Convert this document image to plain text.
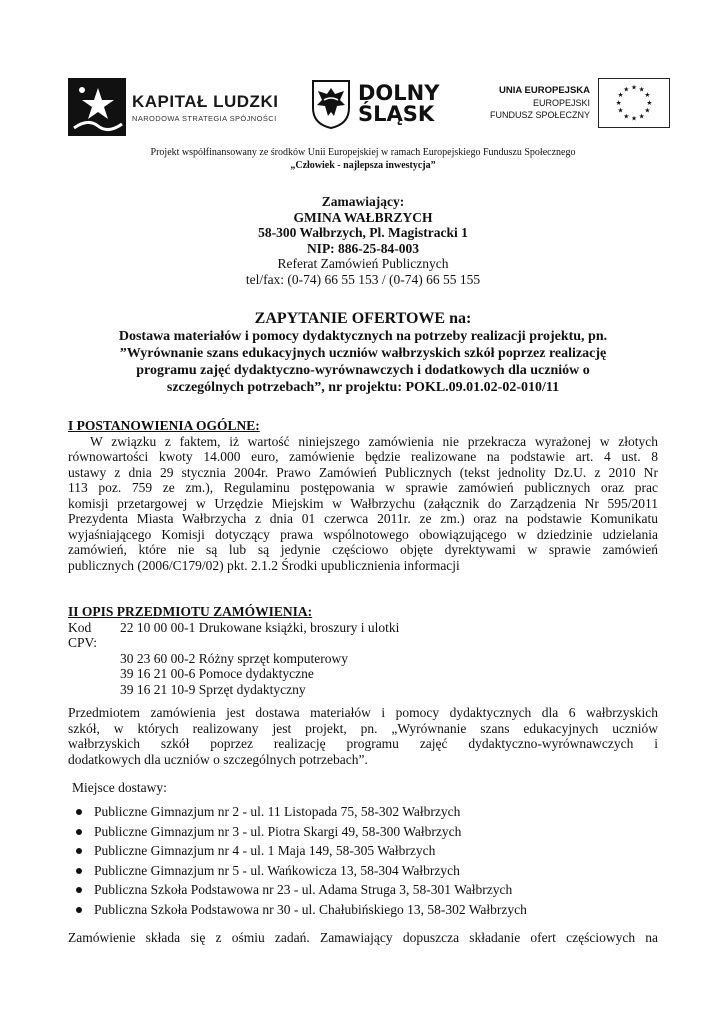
KAPITAŁ LUDZKI
NARODOWA STRATEGIA SPÓJNOŚCI
DOLNY
ŚLĄSK
UNIA EUROPEJSKA
EUROPEJSKI
FUNDUSZ SPOŁECZNY
★ ★
★
★
★
★
★
★
★
★
★
★
Projekt współfinansowany ze środków Unii Europejskiej w ramach Europejskiego Funduszu Społecznego
„Człowiek - najlepsza inwestycja”
Zamawiający:
GMINA WAŁBRZYCH
58-300 Wałbrzych, Pl. Magistracki 1
NIP: 886-25-84-003
Referat Zamówień Publicznych
tel/fax: (0-74) 66 55 153 / (0-74) 66 55 155
ZAPYTANIE OFERTOWE na:
Dostawa materiałów i pomocy dydaktycznych na potrzeby realizacji projektu, pn.
”Wyrównanie szans edukacyjnych uczniów wałbrzyskich szkół poprzez realizację
programu zajęć dydaktyczno-wyrównawczych i dodatkowych dla uczniów o
szczególnych potrzebach”, nr projektu: POKL.09.01.02-02-010/11
I POSTANOWIENIA OGÓLNE:
W związku z faktem, iż wartość niniejszego zamówienia nie przekracza wyrażonej w złotych
równowartości kwoty 14.000 euro, zamówienie będzie realizowane na podstawie art. 4 ust. 8
ustawy z dnia 29 stycznia 2004r. Prawo Zamówień Publicznych (tekst jednolity Dz.U. z 2010 Nr
113 poz. 759 ze zm.), Regulaminu postępowania w sprawie zamówień publicznych oraz prac
komisji przetargowej w Urzędzie Miejskim w Wałbrzychu (załącznik do Zarządzenia Nr 595/2011
Prezydenta Miasta Wałbrzycha z dnia 01 czerwca 2011r. ze zm.) oraz na podstawie Komunikatu
wyjaśniającego Komisji dotyczący prawa wspólnotowego obowiązującego w dziedzinie udzielania
zamówień, które nie są lub są jedynie częściowo objęte dyrektywami w sprawie zamówień
publicznych (2006/C179/02) pkt. 2.1.2 Środki upublicznienia informacji
II OPIS PRZEDMIOTU ZAMÓWIENIA:
Kod CPV:
22 10 00 00-1 Drukowane książki, broszury i ulotki
30 23 60 00-2 Różny sprzęt komputerowy
39 16 21 00-6 Pomoce dydaktyczne
39 16 21 10-9 Sprzęt dydaktyczny
Przedmiotem zamówienia jest dostawa materiałów i pomocy dydaktycznych dla 6 wałbrzyskich
szkół, w których realizowany jest projekt, pn. „Wyrównanie szans edukacyjnych uczniów
wałbrzyskich szkół poprzez realizację programu zajęć dydaktyczno-wyrównawczych i
dodatkowych dla uczniów o szczególnych potrzebach”.
Miejsce dostawy:
Publiczne Gimnazjum nr 2 - ul. 11 Listopada 75, 58-302 Wałbrzych
Publiczne Gimnazjum nr 3 - ul. Piotra Skargi 49, 58-300 Wałbrzych
Publiczne Gimnazjum nr 4 - ul. 1 Maja 149, 58-305 Wałbrzych
Publiczne Gimnazjum nr 5 - ul. Wańkowicza 13, 58-304 Wałbrzych
Publiczna Szkoła Podstawowa nr 23 - ul. Adama Struga 3, 58-301 Wałbrzych
Publiczna Szkoła Podstawowa nr 30 - ul. Chałubińskiego 13, 58-302 Wałbrzych
Zamówienie składa się z ośmiu zadań. Zamawiający dopuszcza składanie ofert częściowych na
